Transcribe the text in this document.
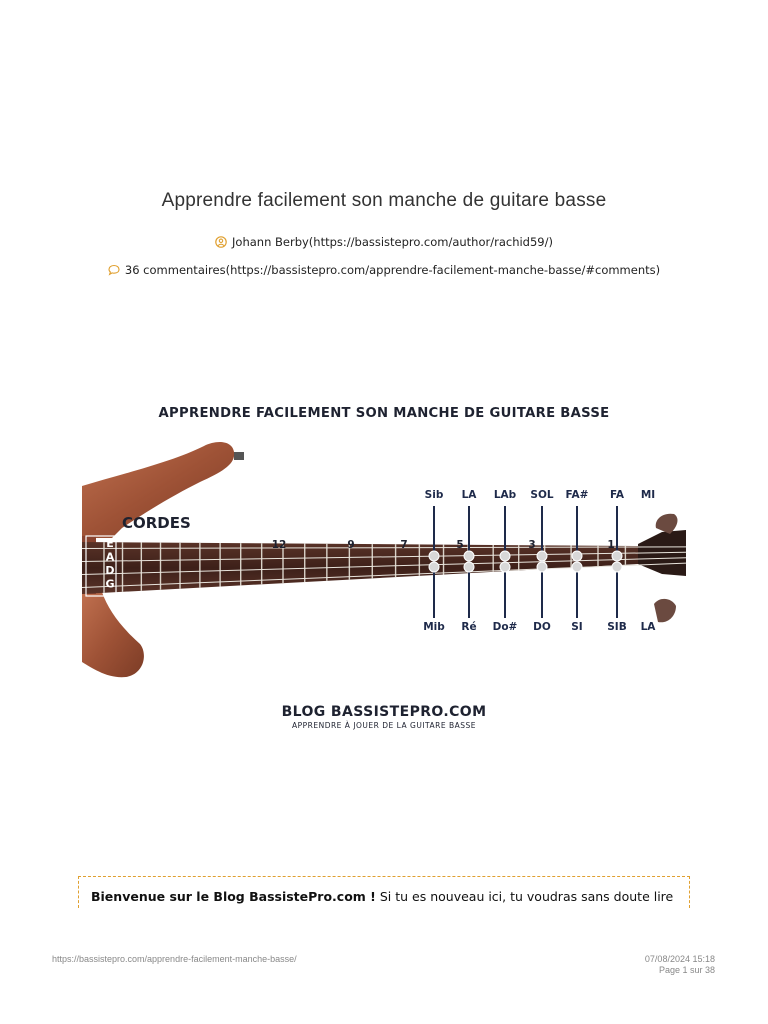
Apprendre facilement son manche de guitare basse
Johann Berby(https://bassistepro.com/author/rachid59/)
36 commentaires(https://bassistepro.com/apprendre-facilement-manche-basse/#comments)
APPRENDRE FACILEMENT SON MANCHE DE GUITARE BASSE
E
A
D
G
CORDES
12	9	7	5	3	1
Sib LA LAb SOL FA# FA MI
Mib Ré Do# DO SI SIB LA
BLOG BASSISTEPRO.COM
APPRENDRE À JOUER DE LA GUITARE BASSE
Bienvenue sur le Blog BassistePro.com ! Si tu es nouveau ici, tu voudras sans doute lire
https://bassistepro.com/apprendre-facilement-manche-basse/	07/08/2024 15:18
Page 1 sur 38
